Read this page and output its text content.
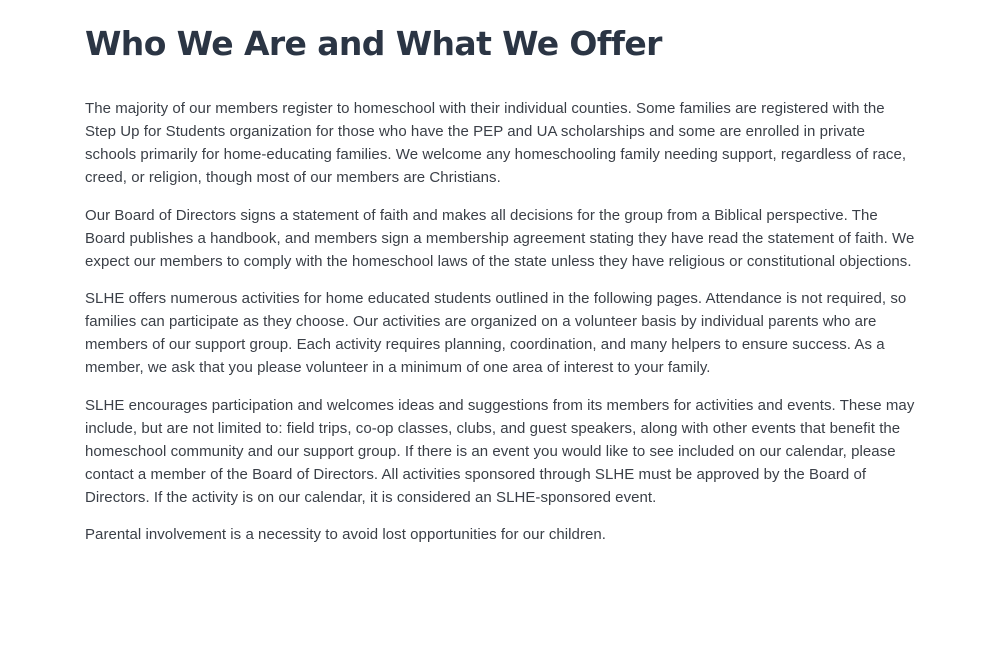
Who We Are and What We Offer

The majority of our members register to homeschool with their individual counties. Some families are registered with the Step Up for Students organization for those who have the PEP and UA scholarships and some are enrolled in private schools primarily for home-educating families. We welcome any homeschooling family needing support, regardless of race, creed, or religion, though most of our members are Christians.

Our Board of Directors signs a statement of faith and makes all decisions for the group from a Biblical perspective. The Board publishes a handbook, and members sign a membership agreement stating they have read the statement of faith. We expect our members to comply with the homeschool laws of the state unless they have religious or constitutional objections.

SLHE offers numerous activities for home educated students outlined in the following pages. Attendance is not required, so families can participate as they choose. Our activities are organized on a volunteer basis by individual parents who are members of our support group. Each activity requires planning, coordination, and many helpers to ensure success. As a member, we ask that you please volunteer in a minimum of one area of interest to your family.

SLHE encourages participation and welcomes ideas and suggestions from its members for activities and events. These may include, but are not limited to: field trips, co-op classes, clubs, and guest speakers, along with other events that benefit the homeschool community and our support group. If there is an event you would like to see included on our calendar, please contact a member of the Board of Directors. All activities sponsored through SLHE must be approved by the Board of Directors. If the activity is on our calendar, it is considered an SLHE-sponsored event.

Parental involvement is a necessity to avoid lost opportunities for our children.
